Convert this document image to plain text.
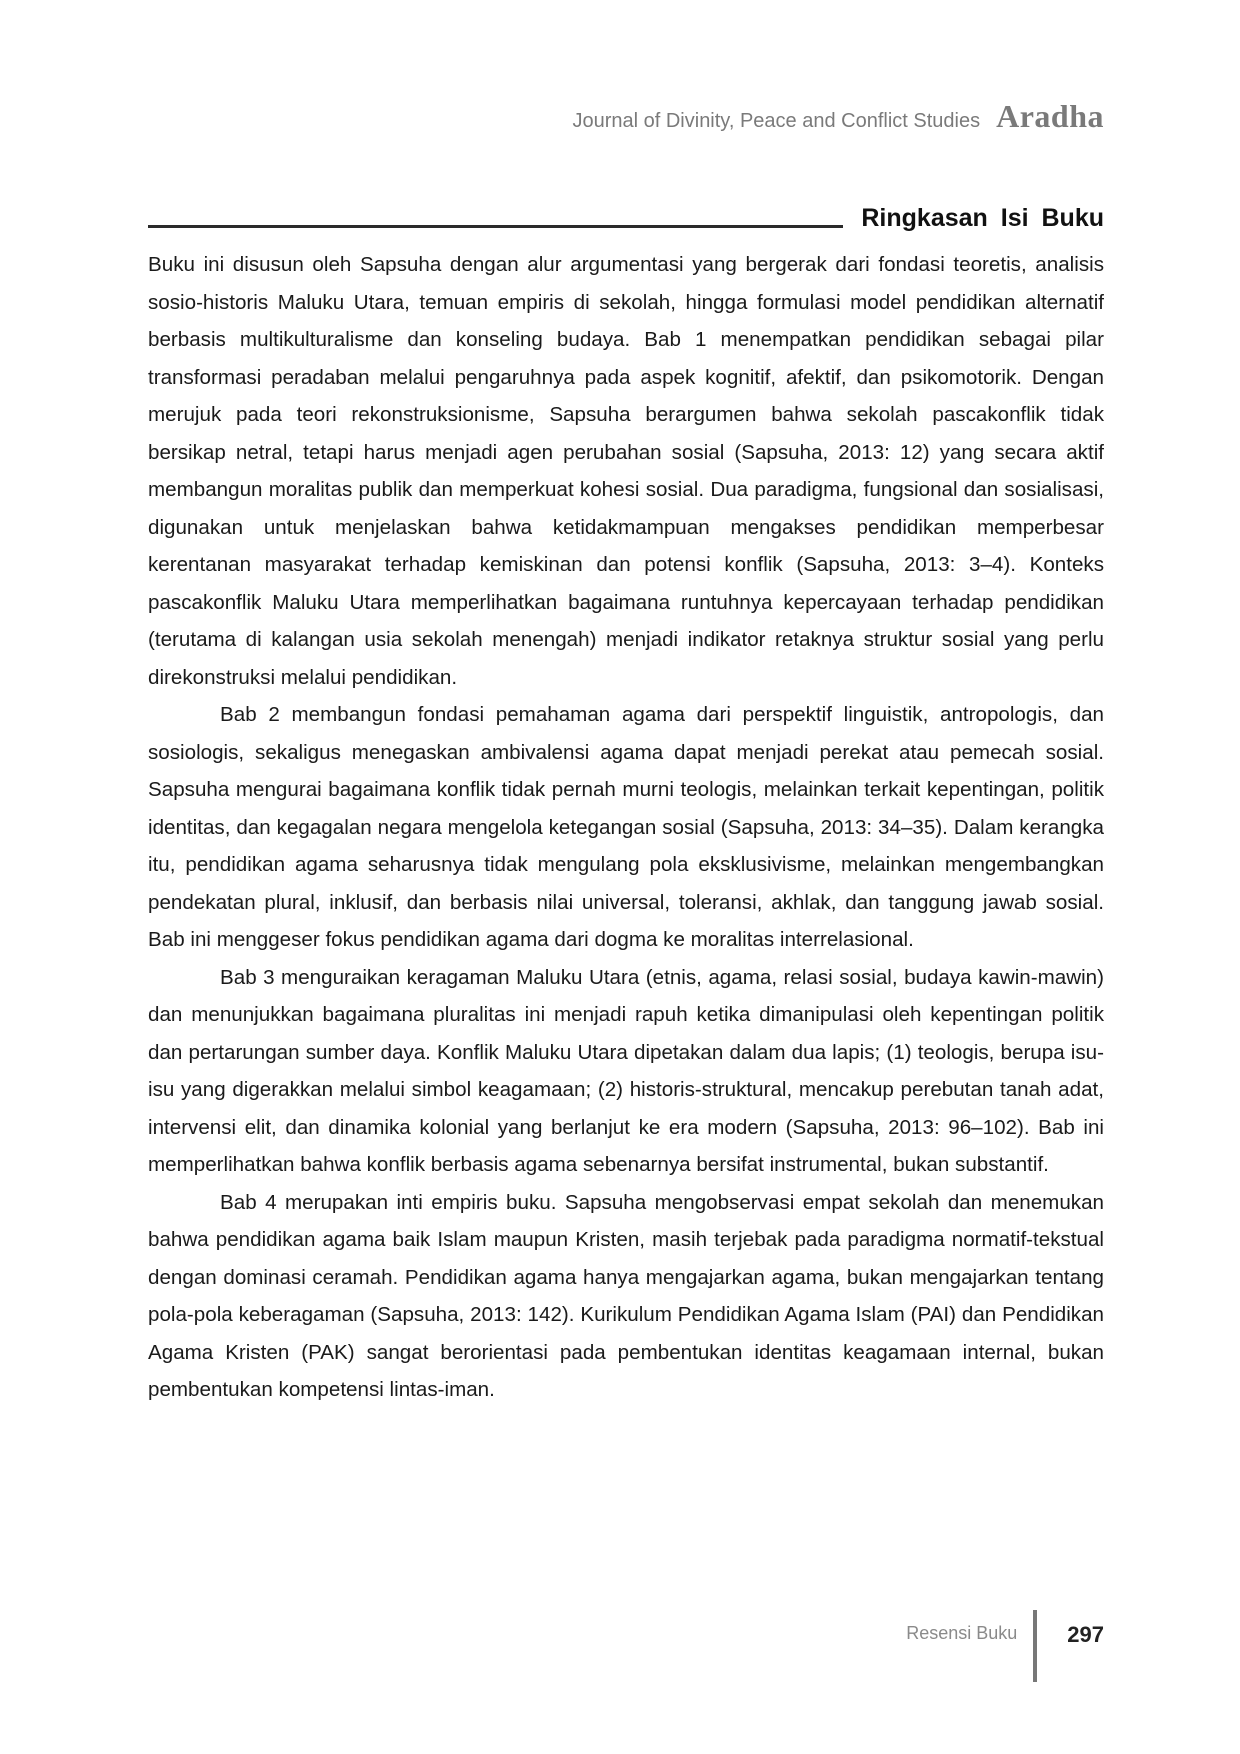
Journal of Divinity, Peace and Conflict Studies Aradha
Ringkasan Isi Buku

Buku ini disusun oleh Sapsuha dengan alur argumentasi yang bergerak dari fondasi teoretis, analisis sosio-historis Maluku Utara, temuan empiris di sekolah, hingga formulasi model pendidikan alternatif berbasis multikulturalisme dan konseling budaya. Bab 1 menempatkan pendidikan sebagai pilar transformasi peradaban melalui pengaruhnya pada aspek kognitif, afektif, dan psikomotorik. Dengan merujuk pada teori rekonstruksionisme, Sapsuha berargumen bahwa sekolah pascakonflik tidak bersikap netral, tetapi harus menjadi agen perubahan sosial (Sapsuha, 2013: 12) yang secara aktif membangun moralitas publik dan memperkuat kohesi sosial. Dua paradigma, fungsional dan sosialisasi, digunakan untuk menjelaskan bahwa ketidakmampuan mengakses pendidikan memperbesar kerentanan masyarakat terhadap kemiskinan dan potensi konflik (Sapsuha, 2013: 3–4). Konteks pascakonflik Maluku Utara memperlihatkan bagaimana runtuhnya kepercayaan terhadap pendidikan (terutama di kalangan usia sekolah menengah) menjadi indikator retaknya struktur sosial yang perlu direkonstruksi melalui pendidikan.

Bab 2 membangun fondasi pemahaman agama dari perspektif linguistik, antropologis, dan sosiologis, sekaligus menegaskan ambivalensi agama dapat menjadi perekat atau pemecah sosial. Sapsuha mengurai bagaimana konflik tidak pernah murni teologis, melainkan terkait kepentingan, politik identitas, dan kegagalan negara mengelola ketegangan sosial (Sapsuha, 2013: 34–35). Dalam kerangka itu, pendidikan agama seharusnya tidak mengulang pola eksklusivisme, melainkan mengembangkan pendekatan plural, inklusif, dan berbasis nilai universal, toleransi, akhlak, dan tanggung jawab sosial. Bab ini menggeser fokus pendidikan agama dari dogma ke moralitas interrelasional.

Bab 3 menguraikan keragaman Maluku Utara (etnis, agama, relasi sosial, budaya kawin-mawin) dan menunjukkan bagaimana pluralitas ini menjadi rapuh ketika dimanipulasi oleh kepentingan politik dan pertarungan sumber daya. Konflik Maluku Utara dipetakan dalam dua lapis; (1) teologis, berupa isu-isu yang digerakkan melalui simbol keagamaan; (2) historis-struktural, mencakup perebutan tanah adat, intervensi elit, dan dinamika kolonial yang berlanjut ke era modern (Sapsuha, 2013: 96–102). Bab ini memperlihatkan bahwa konflik berbasis agama sebenarnya bersifat instrumental, bukan substantif.

Bab 4 merupakan inti empiris buku. Sapsuha mengobservasi empat sekolah dan menemukan bahwa pendidikan agama baik Islam maupun Kristen, masih terjebak pada paradigma normatif-tekstual dengan dominasi ceramah. Pendidikan agama hanya mengajarkan agama, bukan mengajarkan tentang pola-pola keberagaman (Sapsuha, 2013: 142). Kurikulum Pendidikan Agama Islam (PAI) dan Pendidikan Agama Kristen (PAK) sangat berorientasi pada pembentukan identitas keagamaan internal, bukan pembentukan kompetensi lintas-iman.

Resensi Buku 297
